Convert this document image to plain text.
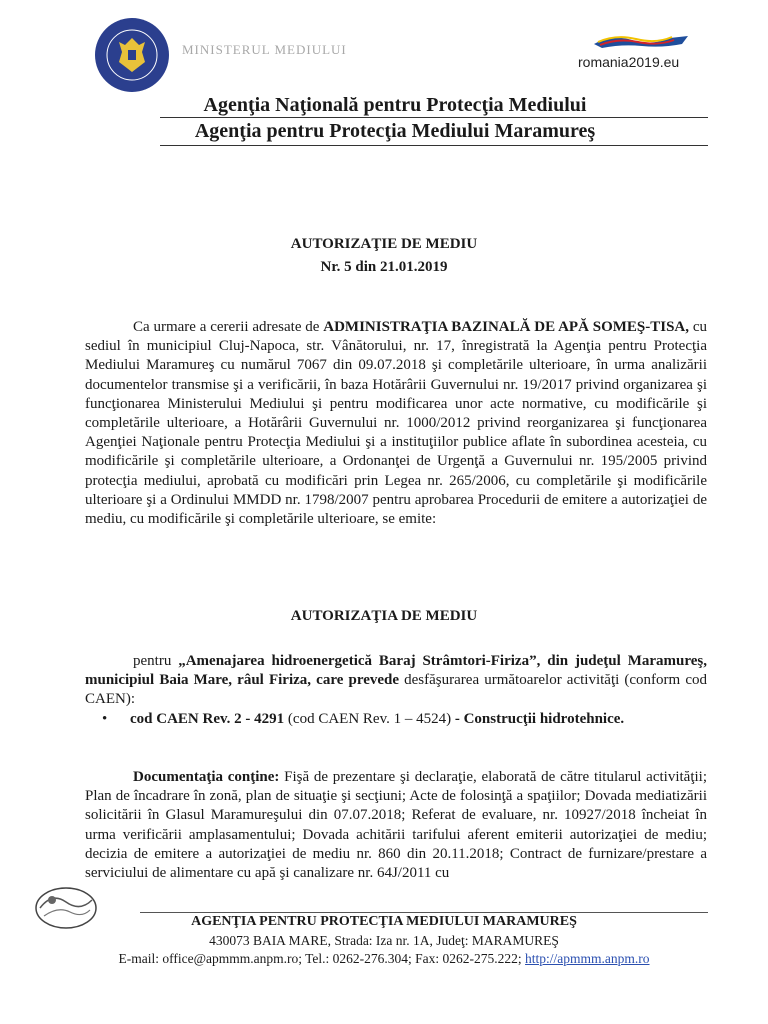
MINISTERUL MEDIULUI
romania2019.eu
Agenţia Naţională pentru Protecţia Mediului
Agenţia pentru Protecţia Mediului Maramureş
AUTORIZAŢIE DE MEDIU
Nr. 5 din 21.01.2019

Ca urmare a cererii adresate de ADMINISTRAŢIA BAZINALĂ DE APĂ SOMEŞ-TISA, cu sediul în municipiul Cluj-Napoca, str. Vânătorului, nr. 17, înregistrată la Agenţia pentru Protecţia Mediului Maramureş cu numărul 7067 din 09.07.2018 şi completările ulterioare, în urma analizării documentelor transmise şi a verificării, în baza Hotărârii Guvernului nr. 19/2017 privind organizarea şi funcţionarea Ministerului Mediului şi pentru modificarea unor acte normative, cu modificările şi completările ulterioare, a Hotărârii Guvernului nr. 1000/2012 privind reorganizarea şi funcţionarea Agenţiei Naţionale pentru Protecţia Mediului şi a instituţiilor publice aflate în subordinea acesteia, cu modificările şi completările ulterioare, a Ordonanţei de Urgenţă a Guvernului nr. 195/2005 privind protecţia mediului, aprobată cu modificări prin Legea nr. 265/2006, cu completările şi modificările ulterioare şi a Ordinului MMDD nr. 1798/2007 pentru aprobarea Procedurii de emitere a autorizaţiei de mediu, cu modificările şi completările ulterioare, se emite:

AUTORIZAŢIA DE MEDIU

pentru „Amenajarea hidroenergetică Baraj Strâmtori-Firiza”, din judeţul Maramureş, municipiul Baia Mare, râul Firiza, care prevede desfăşurarea următoarelor activităţi (conform cod CAEN):

• cod CAEN Rev. 2 - 4291 (cod CAEN Rev. 1 – 4524) - Construcţii hidrotehnice.

Documentaţia conţine: Fişă de prezentare şi declaraţie, elaborată de către titularul activităţii; Plan de încadrare în zonă, plan de situaţie şi secţiuni; Acte de folosinţă a spaţiilor; Dovada mediatizării solicitării în Glasul Maramureşului din 07.07.2018; Referat de evaluare, nr. 10927/2018 încheiat în urma verificării amplasamentului; Dovada achitării tarifului aferent emiterii autorizaţiei de mediu; decizia de emitere a autorizaţiei de mediu nr. 860 din 20.11.2018; Contract de furnizare/prestare a serviciului de alimentare cu apă şi canalizare nr. 64J/2011 cu

AGENŢIA PENTRU PROTECŢIA MEDIULUI MARAMUREŞ
430073 BAIA MARE, Strada: Iza nr. 1A, Judeţ: MARAMUREŞ
E-mail: office@apmmm.anpm.ro; Tel.: 0262-276.304; Fax: 0262-275.222; http://apmmm.anpm.ro
